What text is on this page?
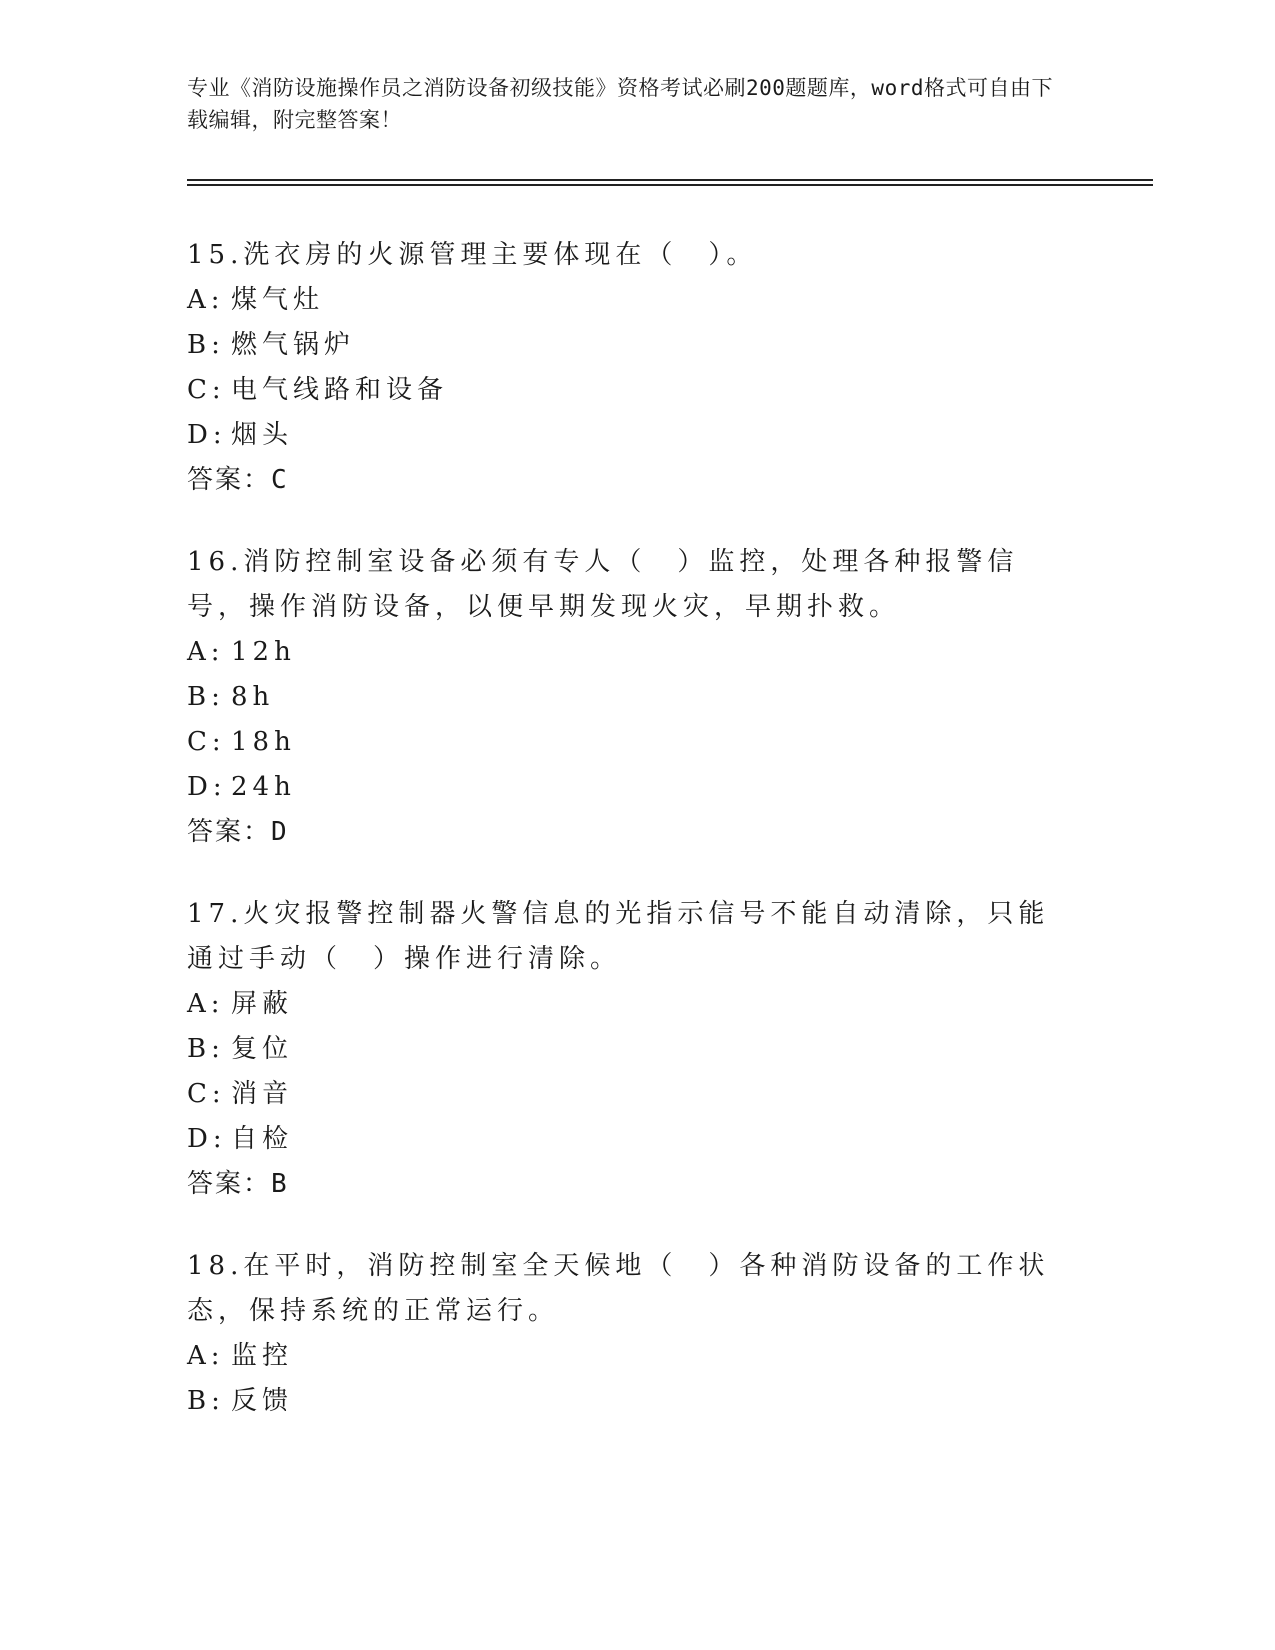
专业《消防设施操作员之消防设备初级技能》资格考试必刷200题题库，word格式可自由下载编辑，附完整答案！

15.洗衣房的火源管理主要体现在（　）。

A: 煤气灶

B: 燃气锅炉

C: 电气线路和设备

D: 烟头

答案：C

16.消防控制室设备必须有专人（　）监控，处理各种报警信号，操作消防设备，以便早期发现火灾，早期扑救。

A: 12h

B: 8h

C: 18h

D: 24h

答案：D

17.火灾报警控制器火警信息的光指示信号不能自动清除，只能通过手动（　）操作进行清除。

A: 屏蔽

B: 复位

C: 消音

D: 自检

答案：B

18.在平时，消防控制室全天候地（　）各种消防设备的工作状态，保持系统的正常运行。

A: 监控

B: 反馈
